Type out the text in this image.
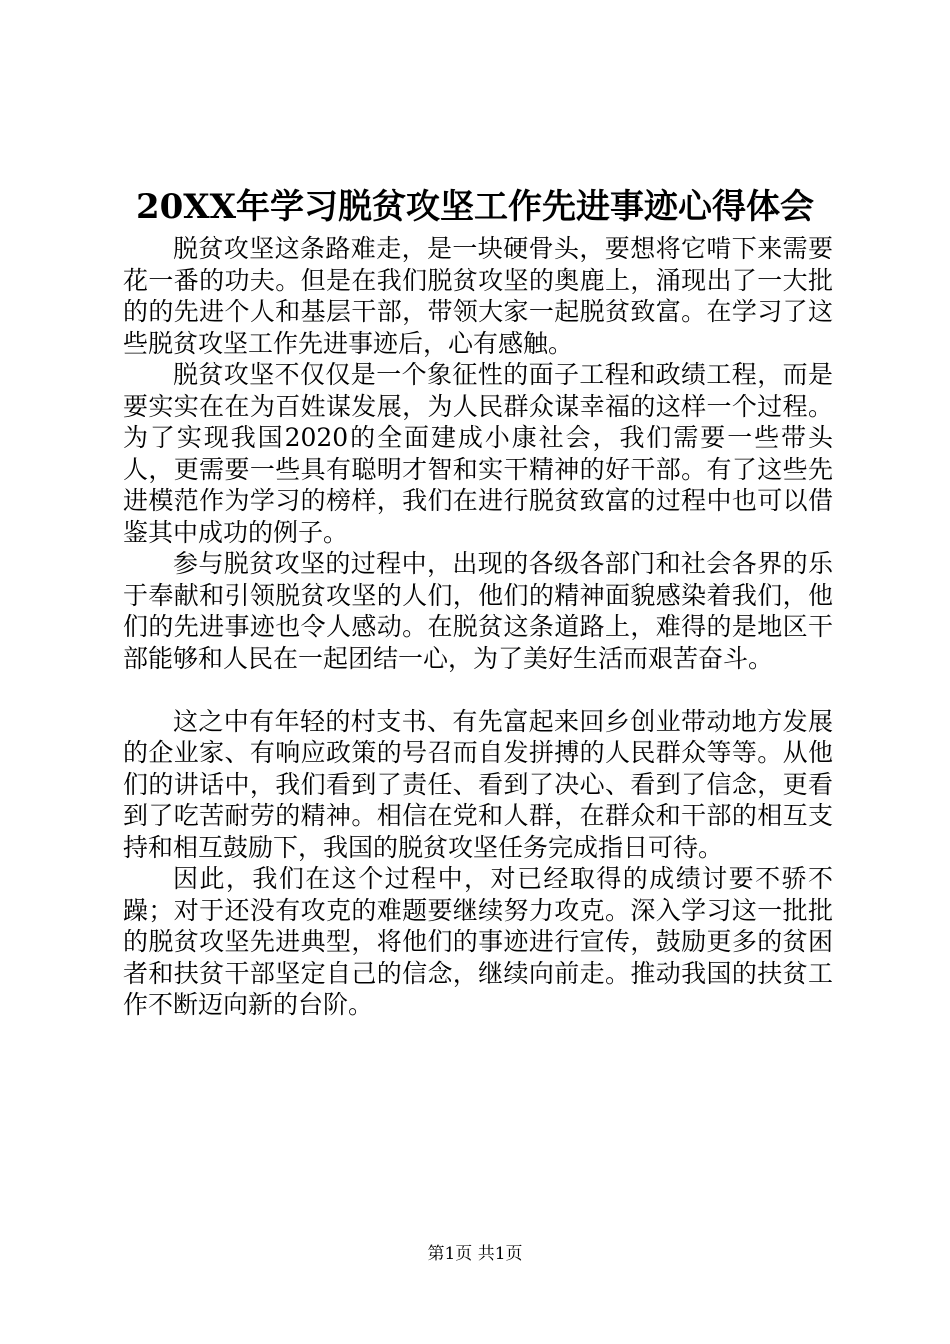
20XX年学习脱贫攻坚工作先进事迹心得体会

脱贫攻坚这条路难走，是一块硬骨头，要想将它啃下来需要花一番的功夫。但是在我们脱贫攻坚的奥鹿上，涌现出了一大批的的先进个人和基层干部，带领大家一起脱贫致富。在学习了这些脱贫攻坚工作先进事迹后，心有感触。

脱贫攻坚不仅仅是一个象征性的面子工程和政绩工程，而是要实实在在为百姓谋发展，为人民群众谋幸福的这样一个过程。为了实现我国2020的全面建成小康社会，我们需要一些带头人，更需要一些具有聪明才智和实干精神的好干部。有了这些先进模范作为学习的榜样，我们在进行脱贫致富的过程中也可以借鉴其中成功的例子。

参与脱贫攻坚的过程中，出现的各级各部门和社会各界的乐于奉献和引领脱贫攻坚的人们，他们的精神面貌感染着我们，他们的先进事迹也令人感动。在脱贫这条道路上，难得的是地区干部能够和人民在一起团结一心，为了美好生活而艰苦奋斗。

这之中有年轻的村支书、有先富起来回乡创业带动地方发展的企业家、有响应政策的号召而自发拼搏的人民群众等等。从他们的讲话中，我们看到了责任、看到了决心、看到了信念，更看到了吃苦耐劳的精神。相信在党和人群，在群众和干部的相互支持和相互鼓励下，我国的脱贫攻坚任务完成指日可待。

因此，我们在这个过程中，对已经取得的成绩讨要不骄不躁；对于还没有攻克的难题要继续努力攻克。深入学习这一批批的脱贫攻坚先进典型，将他们的事迹进行宣传，鼓励更多的贫困者和扶贫干部坚定自己的信念，继续向前走。推动我国的扶贫工作不断迈向新的台阶。

第1页 共1页
